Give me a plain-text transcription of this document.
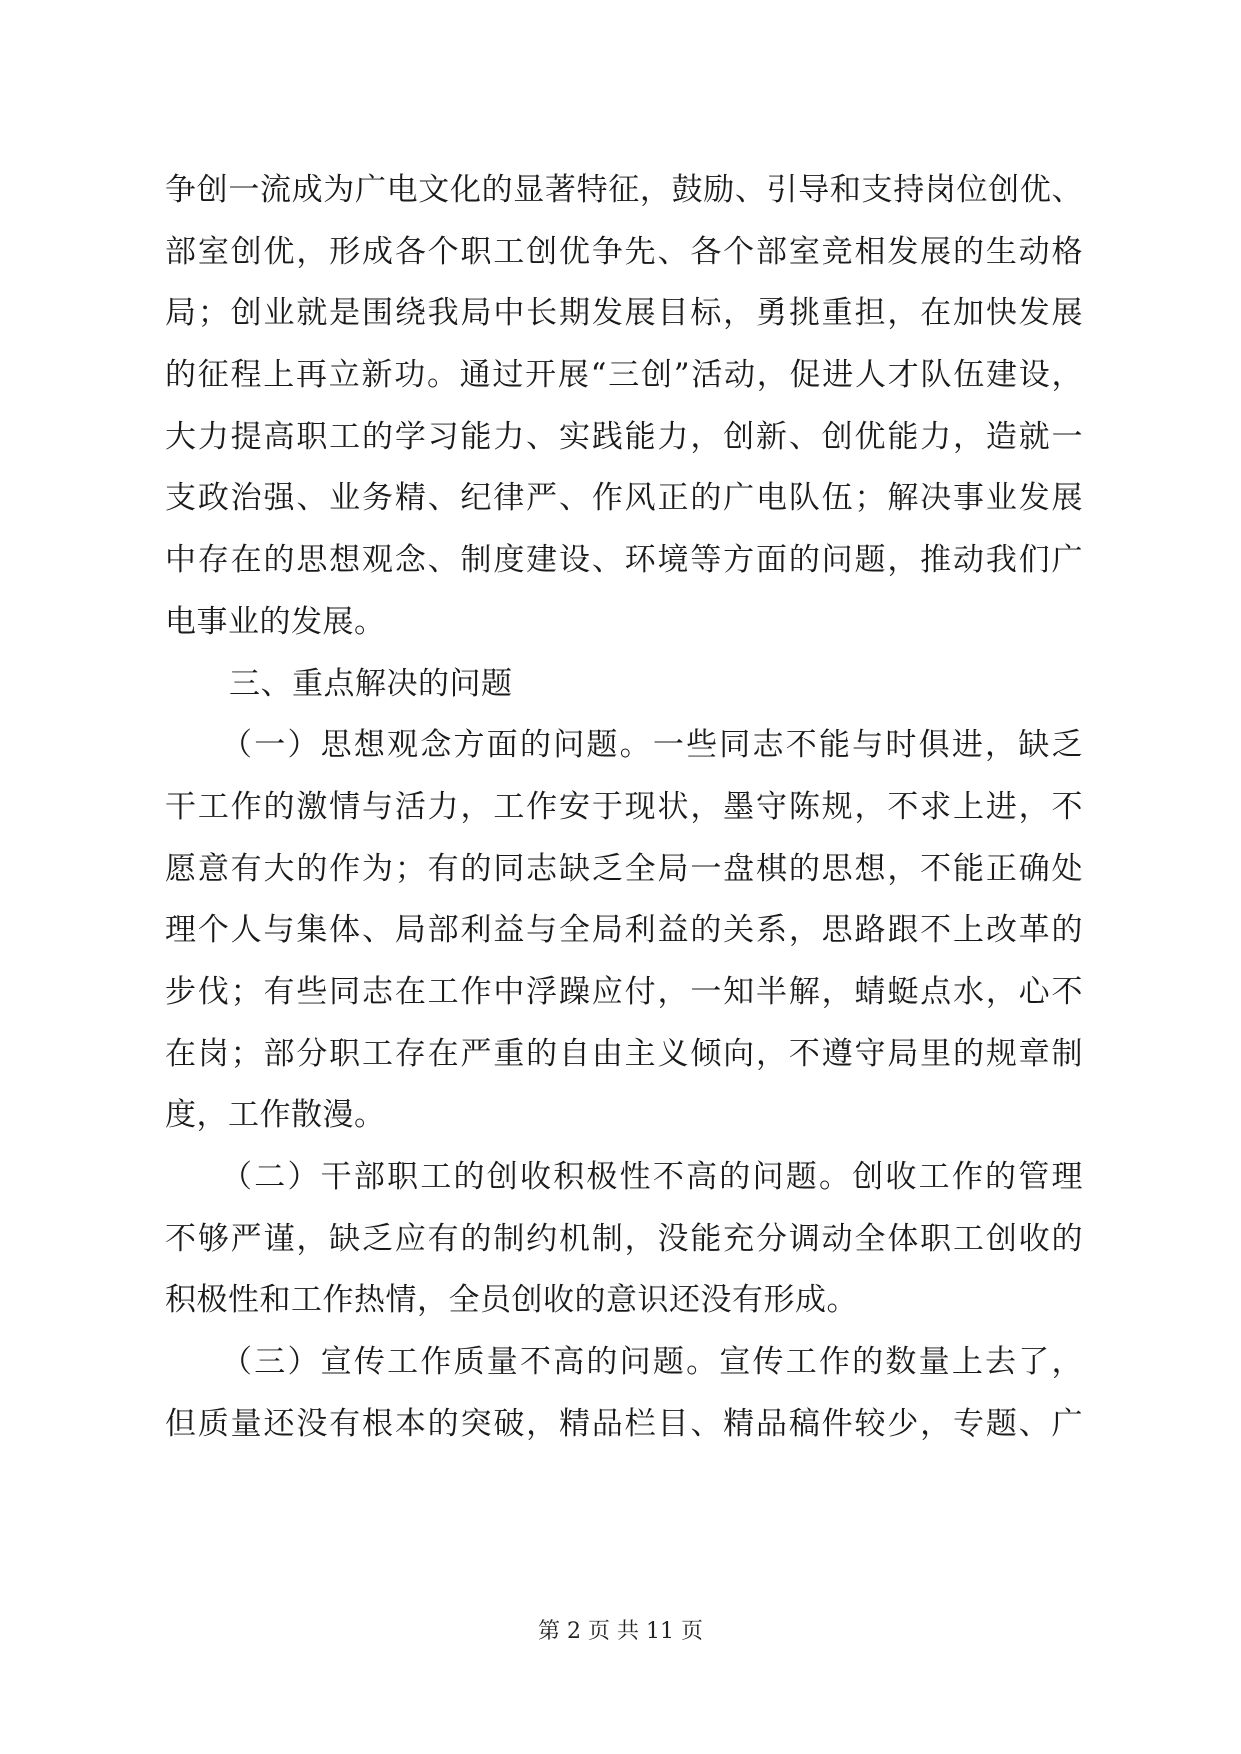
争创一流成为广电文化的显著特征，鼓励、引导和支持岗位创优、
部室创优，形成各个职工创优争先、各个部室竞相发展的生动格
局；创业就是围绕我局中长期发展目标，勇挑重担，在加快发展
的征程上再立新功。通过开展“三创”活动，促进人才队伍建设，
大力提高职工的学习能力、实践能力，创新、创优能力，造就一
支政治强、业务精、纪律严、作风正的广电队伍；解决事业发展
中存在的思想观念、制度建设、环境等方面的问题，推动我们广
电事业的发展。
三、重点解决的问题
（一）思想观念方面的问题。一些同志不能与时俱进，缺乏
干工作的激情与活力，工作安于现状，墨守陈规，不求上进，不
愿意有大的作为；有的同志缺乏全局一盘棋的思想，不能正确处
理个人与集体、局部利益与全局利益的关系，思路跟不上改革的
步伐；有些同志在工作中浮躁应付，一知半解，蜻蜓点水，心不
在岗；部分职工存在严重的自由主义倾向，不遵守局里的规章制
度，工作散漫。
（二）干部职工的创收积极性不高的问题。创收工作的管理
不够严谨，缺乏应有的制约机制，没能充分调动全体职工创收的
积极性和工作热情，全员创收的意识还没有形成。
（三）宣传工作质量不高的问题。宣传工作的数量上去了，
但质量还没有根本的突破，精品栏目、精品稿件较少，专题、广
第 2 页 共 11 页
